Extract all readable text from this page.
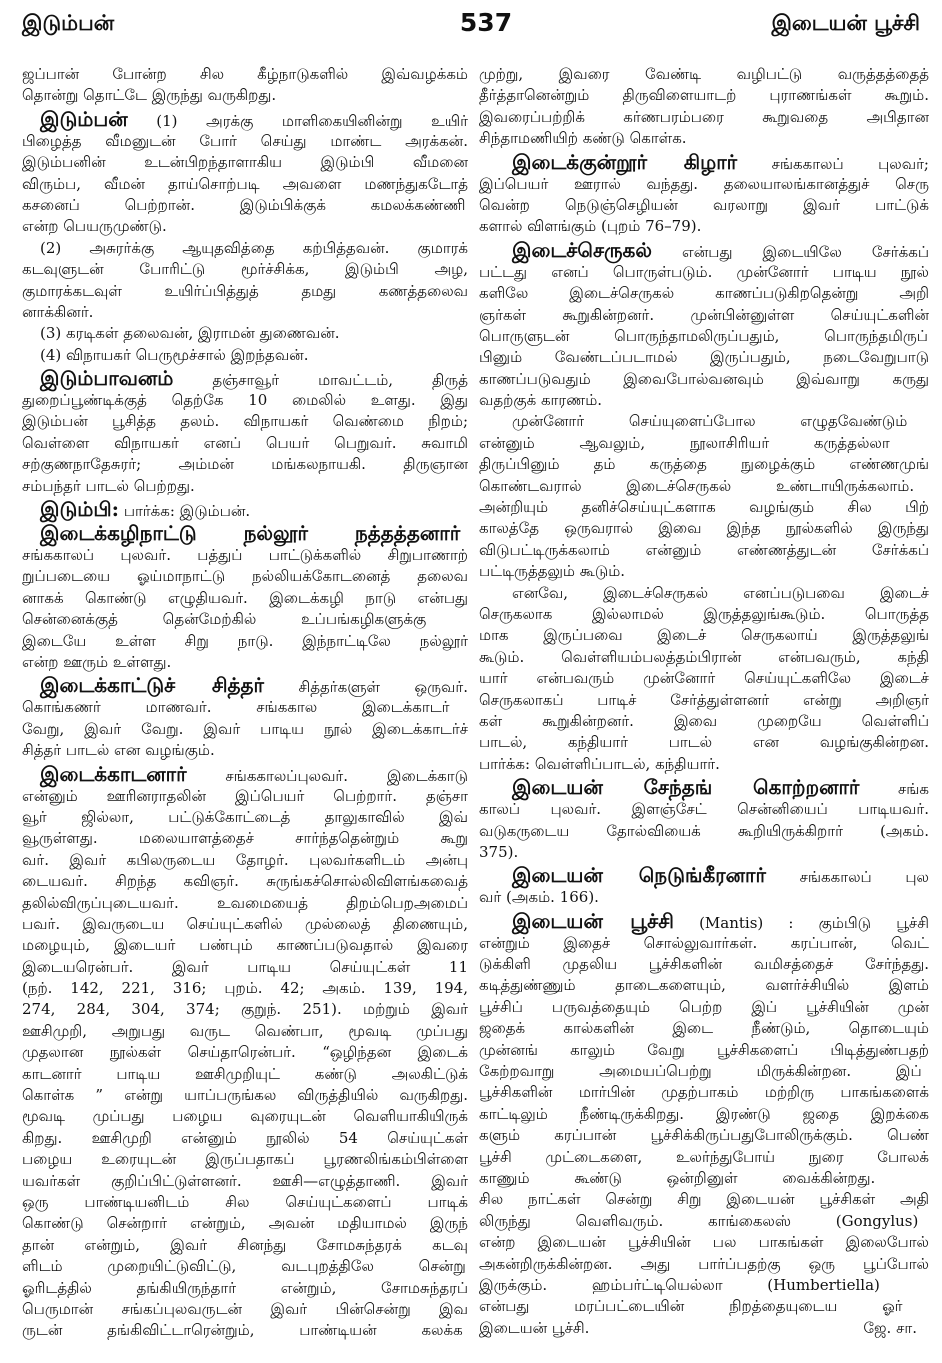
இடும்பன்	537	இடையன் பூச்சி
ஜப்பான் போன்ற சில கீழ்நாடுகளில் இவ்வழக்கம்
தொன்று தொட்டே இருந்து வருகிறது.
இடும்பன் (1) அரக்கு மாளிகையினின்று உயிர்
பிழைத்த வீமனுடன் போர் செய்து மாண்ட அரக்கன்.
இடும்பனின் உடன்பிறந்தாளாகிய இடும்பி வீமனை
விரும்ப, வீமன் தாய்சொற்படி அவளை மணந்துகடோத்
கசனைப் பெற்றான். இடும்பிக்குக் கமலக்கண்ணி
என்ற பெயருமுண்டு.
(2) அசுரர்க்கு ஆயுதவித்தை கற்பித்தவன். குமாரக்
கடவுளுடன் போரிட்டு மூர்ச்சிக்க, இடும்பி அழ,
குமாரக்கடவுள் உயிர்ப்பித்துத் தமது கணத்தலைவ
னாக்கினர்.
(3) கரடிகள் தலைவன், இராமன் துணைவன்.
(4) விநாயகர் பெருமூச்சால் இறந்தவன்.
இடும்பாவனம்	தஞ்சாவூர் மாவட்டம், திருத்
துறைப்பூண்டிக்குத் தெற்கே 10 மைலில் உளது. இது
இடும்பன் பூசித்த தலம். விநாயகர் வெண்மை நிறம்;
வெள்ளை விநாயகர் எனப் பெயர் பெறுவர். சுவாமி
சற்குணநாதேசுரர்; அம்மன் மங்கலநாயகி. திருஞான
சம்பந்தர் பாடல் பெற்றது.
இடும்பி: பார்க்க: இடும்பன்.
இடைக்கழிநாட்டு நல்லூர் நத்தத்தனார்
சங்ககாலப் புலவர். பத்துப் பாட்டுக்களில் சிறுபாணாற்
றுப்படையை ஓய்மாநாட்டு நல்லியக்கோடனைத் தலைவ
னாகக் கொண்டு எழுதியவர். இடைக்கழி நாடு என்பது
சென்னைக்குத் தென்மேற்கில் உப்பங்கழிகளுக்கு
இடையே உள்ள சிறு நாடு. இந்நாட்டிலே நல்லூர்
என்ற ஊரும் உள்ளது.
இடைக்காட்டுச் சித்தர் சித்தர்களுள் ஒருவர்.
கொங்கணர் மாணவர். சங்ககால இடைக்காடர்
வேறு, இவர் வேறு. இவர் பாடிய நூல் இடைக்காடர்ச்
சித்தர் பாடல் என வழங்கும்.
இடைக்காடனார்	சங்ககாலப்புலவர். இடைக்காடு
என்னும் ஊரினராதலின் இப்பெயர் பெற்றார். தஞ்சா
வூர் ஜில்லா, பட்டுக்கோட்டைத் தாலுகாவில் இவ்
வூருள்ளது. மலையாளத்தைச் சார்ந்ததென்றும் கூறு
வர். இவர் கபிலருடைய தோழர். புலவர்களிடம் அன்பு
டையவர். சிறந்த கவிஞர். சுருங்கச்சொல்லிவிளங்கவைத்
தலில்விருப்புடையவர். உவமையைத் திறம்பெறஅமைப்
பவர். இவருடைய செய்யுட்களில் முல்லைத் திணையும்,
மழையும், இடையர் பண்பும் காணப்படுவதால் இவரை
இடையரென்பர். இவர் பாடிய செய்யுட்கள் 11
(நற். 142, 221, 316; புறம். 42; அகம். 139, 194,
274, 284, 304, 374; குறுந். 251). மற்றும் இவர்
ஊசிமுறி, அறுபது வருட வெண்பா, மூவடி முப்பது
முதலான நூல்கள் செய்தாரென்பர். “ஒழிந்தன இடைக்
காடனார் பாடிய ஊசிமுறியுட் கண்டு அலகிட்டுக்
கொள்க ” என்று யாப்பருங்கல விருத்தியில் வருகிறது.
மூவடி முப்பது பழைய வுரையுடன் வெளியாகியிருக்
கிறது. ஊசிமுறி என்னும் நூலில் 54 செய்யுட்கள்
பழைய உரையுடன் இருப்பதாகப் பூரணலிங்கம்பிள்ளை
யவர்கள் குறிப்பிட்டுள்ளனர். ஊசி—எழுத்தாணி. இவர்
ஒரு பாண்டியனிடம் சில செய்யுட்களைப் பாடிக்
கொண்டு சென்றார் என்றும், அவன் மதியாமல் இருந்
தான் என்றும், இவர் சினந்து சோமசுந்தரக் கடவு
ளிடம் முறையிட்டுவிட்டு, வடபுறத்திலே சென்று
ஓரிடத்தில் தங்கியிருந்தார் என்றும், சோமசுந்தரப்
பெருமான் சங்கப்புலவருடன் இவர் பின்சென்று இவ
ருடன் தங்கிவிட்டாரென்றும், பாண்டியன் கலக்க
முற்று, இவரை வேண்டி வழிபட்டு வருத்தத்தைத்
தீர்த்தானென்றும் திருவிளையாடற் புராணங்கள் கூறும்.
இவரைப்பற்றிக் கர்ணபரம்பரை கூறுவதை அபிதான
சிந்தாமணியிற் கண்டு கொள்க.
இடைக்குன்றூர் கிழார் சங்ககாலப் புலவர்;
இப்பெயர் ஊரால் வந்தது. தலையாலங்கானத்துச் செரு
வென்ற நெடுஞ்செழியன் வரலாறு இவர் பாட்டுக்
களால் விளங்கும் (புறம் 76–79).
இடைச்செருகல் என்பது இடையிலே சேர்க்கப்
பட்டது எனப் பொருள்படும். முன்னோர் பாடிய நூல்
களிலே இடைச்செருகல் காணப்படுகிறதென்று அறி
ஞர்கள் கூறுகின்றனர். முன்பின்னுள்ள செய்யுட்களின்
பொருளுடன் பொருந்தாமலிருப்பதும், பொருந்தமிருப்
பினும் வேண்டப்படாமல் இருப்பதும், நடைவேறுபாடு
காணப்படுவதும் இவைபோல்வனவும் இவ்வாறு கருது
வதற்குக் காரணம்.
முன்னோர் செய்யுளைப்போல எழுதவேண்டும்
என்னும் ஆவலும், நூலாசிரியர் கருத்தல்லா
திருப்பினும் தம் கருத்தை நுழைக்கும் எண்ணமுங்
கொண்டவரால் இடைச்செருகல் உண்டாயிருக்கலாம்.
அன்றியும் தனிச்செய்யுட்களாக வழங்கும் சில பிற்
காலத்தே ஒருவரால் இவை இந்த நூல்களில் இருந்து
விடுபட்டிருக்கலாம் என்னும் எண்ணத்துடன் சேர்க்கப்
பட்டிருத்தலும் கூடும்.
எனவே, இடைச்செருகல் எனப்படுபவை இடைச்
செருகலாக இல்லாமல் இருத்தலுங்கூடும். பொருத்த
மாக இருப்பவை இடைச் செருகலாய் இருத்தலுங்
கூடும். வெள்ளியம்பலத்தம்பிரான் என்பவரும், கந்தி
யார் என்பவரும் முன்னோர் செய்யுட்களிலே இடைச்
செருகலாகப் பாடிச் சேர்த்துள்ளனர் என்று அறிஞர்
கள் கூறுகின்றனர். இவை முறையே வெள்ளிப்
பாடல், கந்தியார் பாடல் என வழங்குகின்றன.
பார்க்க: வெள்ளிப்பாடல், கந்தியார்.
இடையன் சேந்தங் கொற்றனார்	சங்க
காலப் புலவர். இளஞ்சேட் சென்னியைப் பாடியவர்.
வடுகருடைய தோல்வியைக் கூறியிருக்கிறார் (அகம்.
375).
இடையன் நெடுங்கீரனார் சங்ககாலப் புல
வர் (அகம். 166).
இடையன் பூச்சி (Mantis) : கும்பிடு பூச்சி
என்றும் இதைச் சொல்லுவார்கள். கரப்பான், வெட்
டுக்கிளி முதலிய பூச்சிகளின் வமிசத்தைச் சேர்ந்தது.
கடித்துண்ணும் தாடைகளையும், வளர்ச்சியில் இளம்
பூச்சிப் பருவத்தையும் பெற்ற இப் பூச்சியின் முன்
ஜதைக் கால்களின் இடை நீண்டும், தொடையும்
முன்னங் காலும் வேறு பூச்சிகளைப் பிடித்துண்பதற்
கேற்றவாறு அமையப்பெற்று மிருக்கின்றன. இப்
பூச்சிகளின் மார்பின் முதற்பாகம் மற்றிரு பாகங்களைக்
காட்டிலும் நீண்டிருக்கிறது. இரண்டு ஜதை இறக்கை
களும் கரப்பான் பூச்சிக்கிருப்பதுபோலிருக்கும். பெண்
பூச்சி முட்டைகளை, உலர்ந்துபோய் நுரை போலக்
காணும் கூண்டு ஒன்றினுள் வைக்கின்றது.
சில நாட்கள் சென்று சிறு இடையன் பூச்சிகள் அதி
லிருந்து வெளிவரும். காங்கைலஸ் (Gongylus)
என்ற இடையன் பூச்சியின் பல பாகங்கள் இலைபோல்
அகன்றிருக்கின்றன. அது பார்ப்பதற்கு ஒரு பூப்போல்
இருக்கும். ஹம்பர்ட்டியெல்லா (Humbertiella)
என்பது மரப்பட்டையின் நிறத்தையுடைய ஓர்
இடையன் பூச்சி.	ஜே. சா.
